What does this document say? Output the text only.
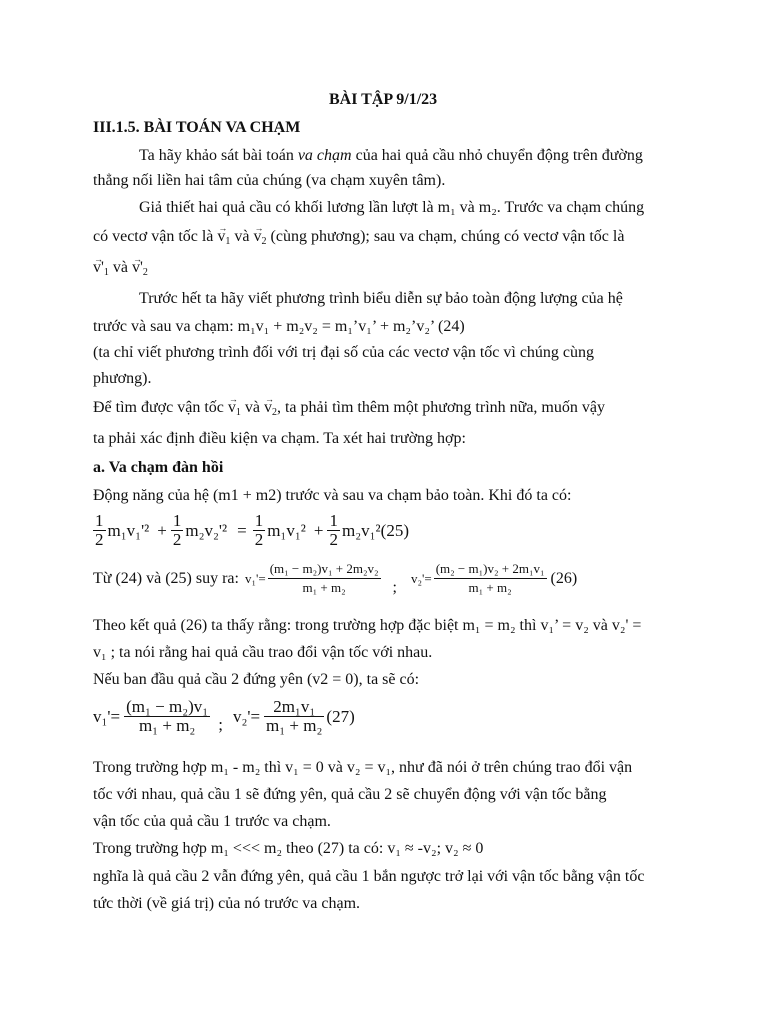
BÀI TẬP 9/1/23
III.1.5. BÀI TOÁN VA CHẠM
Ta hãy khảo sát bài toán va chạm của hai quả cầu nhỏ chuyển động trên đường
thẳng nối liền hai tâm của chúng (va chạm xuyên tâm).
Giả thiết hai quả cầu có khối lương lần lượt là m₁ và m₂. Trước va chạm chúng
có vectơ vận tốc là → $v_1$ và → $v_2$ (cùng phương); sau va chạm, chúng có vectơ vận tốc là
→ $v'_1$ và → $v'_2$
Trước hết ta hãy viết phương trình biểu diễn sự bảo toàn động lượng của hệ
trước và sau va chạm: m₁v₁ + m₂v₂ = m₁’v₁’ + m₂’v₂’ (24)
(ta chỉ viết phương trình đối với trị đại số của các vectơ vận tốc vì chúng cùng
phương).
Để tìm được vận tốc → $v_1$ và → $v_2$, ta phải tìm thêm một phương trình nữa, muốn vậy
ta phải xác định điều kiện va chạm. Ta xét hai trường hợp:
a. Va chạm đàn hồi
Động năng của hệ (m1 + m2) trước và sau va chạm bảo toàn. Khi đó ta có:
$\frac{1}{2} m_1v_1'^2 + \frac{1}{2} m_2v_2'^2 = \frac{1}{2} m_1v_1^2 + \frac{1}{2} m_2v_1^2$ (25)
Từ (24) và (25) suy ra: $v_1'= \frac{\text{(m₁ − m₂)v₁ + 2m₂v₂}}{\text{m₁ + m₂}}$ ;
$v_2'= \frac{\text{(m₂ − m₁)v₂ + 2m₁v₁}}{\text{m₁ + m₂}} (26)$
Theo kết quả (26) ta thấy rằng: trong trường hợp đặc biệt m₁ = m₂ thì v₁’ = v₂ và v₂' =
v₁ ; ta nói rằng hai quả cầu trao đổi vận tốc với nhau.
Nếu ban đầu quả cầu 2 đứng yên (v2 = 0), ta sẽ có:
$v_1'= \frac{\text{(m₁ − m₂)v₁}}{\text{m₁ + m₂}}$ ; $v_2'= \frac{\text{2m₁v₁}}{\text{m₁ + m₂}} (27)$
Trong trường hợp m₁ - m₂ thì v₁ = 0 và v₂ = v₁, như đã nói ở trên chúng trao đổi vận
tốc với nhau, quả cầu 1 sẽ đứng yên, quả cầu 2 sẽ chuyển động với vận tốc bằng
vận tốc của quả cầu 1 trước va chạm.
Trong trường hợp m₁ <<< m₂ theo (27) ta có: v₁ ≈ -v₂; v₂ ≈ 0
nghĩa là quả cầu 2 vẫn đứng yên, quả cầu 1 bắn ngược trở lại với vận tốc bằng vận tốc
tức thời (về giá trị) của nó trước va chạm.
